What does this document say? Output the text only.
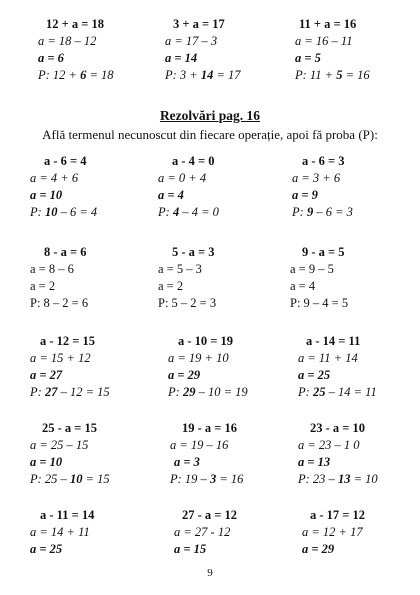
12 + a = 18
a = 18 – 12
a = 6
P: 12 + 6 = 18
3 + a = 17
a = 17 – 3
a = 14
P: 3 + 14 = 17
11 + a = 16
a = 16 – 11
a = 5
P: 11 + 5 = 16
Rezolvări pag. 16
Află termenul necunoscut din fiecare operație, apoi fă proba (P):
a - 6 = 4
a = 4 + 6
a = 10
P: 10 – 6 = 4
a - 4 = 0
a = 0 + 4
a = 4
P: 4 – 4 = 0
a - 6 = 3
a = 3 + 6
a = 9
P: 9 – 6 = 3
8 - a = 6
a = 8 – 6
a = 2
P: 8 – 2 = 6
5 - a = 3
a = 5 – 3
a = 2
P: 5 – 2 = 3
9 - a = 5
a = 9 – 5
a = 4
P: 9 – 4 = 5
a - 12 = 15
a = 15 + 12
a = 27
P: 27 – 12 = 15
a - 10 = 19
a = 19 + 10
a = 29
P: 29 – 10 = 19
a - 14 = 11
a = 11 + 14
a = 25
P: 25 – 14 = 11
25 - a = 15
a = 25 – 15
a = 10
P: 25 – 10 = 15
19 - a = 16
a = 19 – 16
a = 3
P: 19 – 3 = 16
23 - a = 10
a = 23 – 1 0
a = 13
P: 23 – 13 = 10
a - 11 = 14
a = 14 + 11
a = 25
27 - a = 12
a = 27 - 12
a = 15
a - 17 = 12
a = 12 + 17
a = 29
9
